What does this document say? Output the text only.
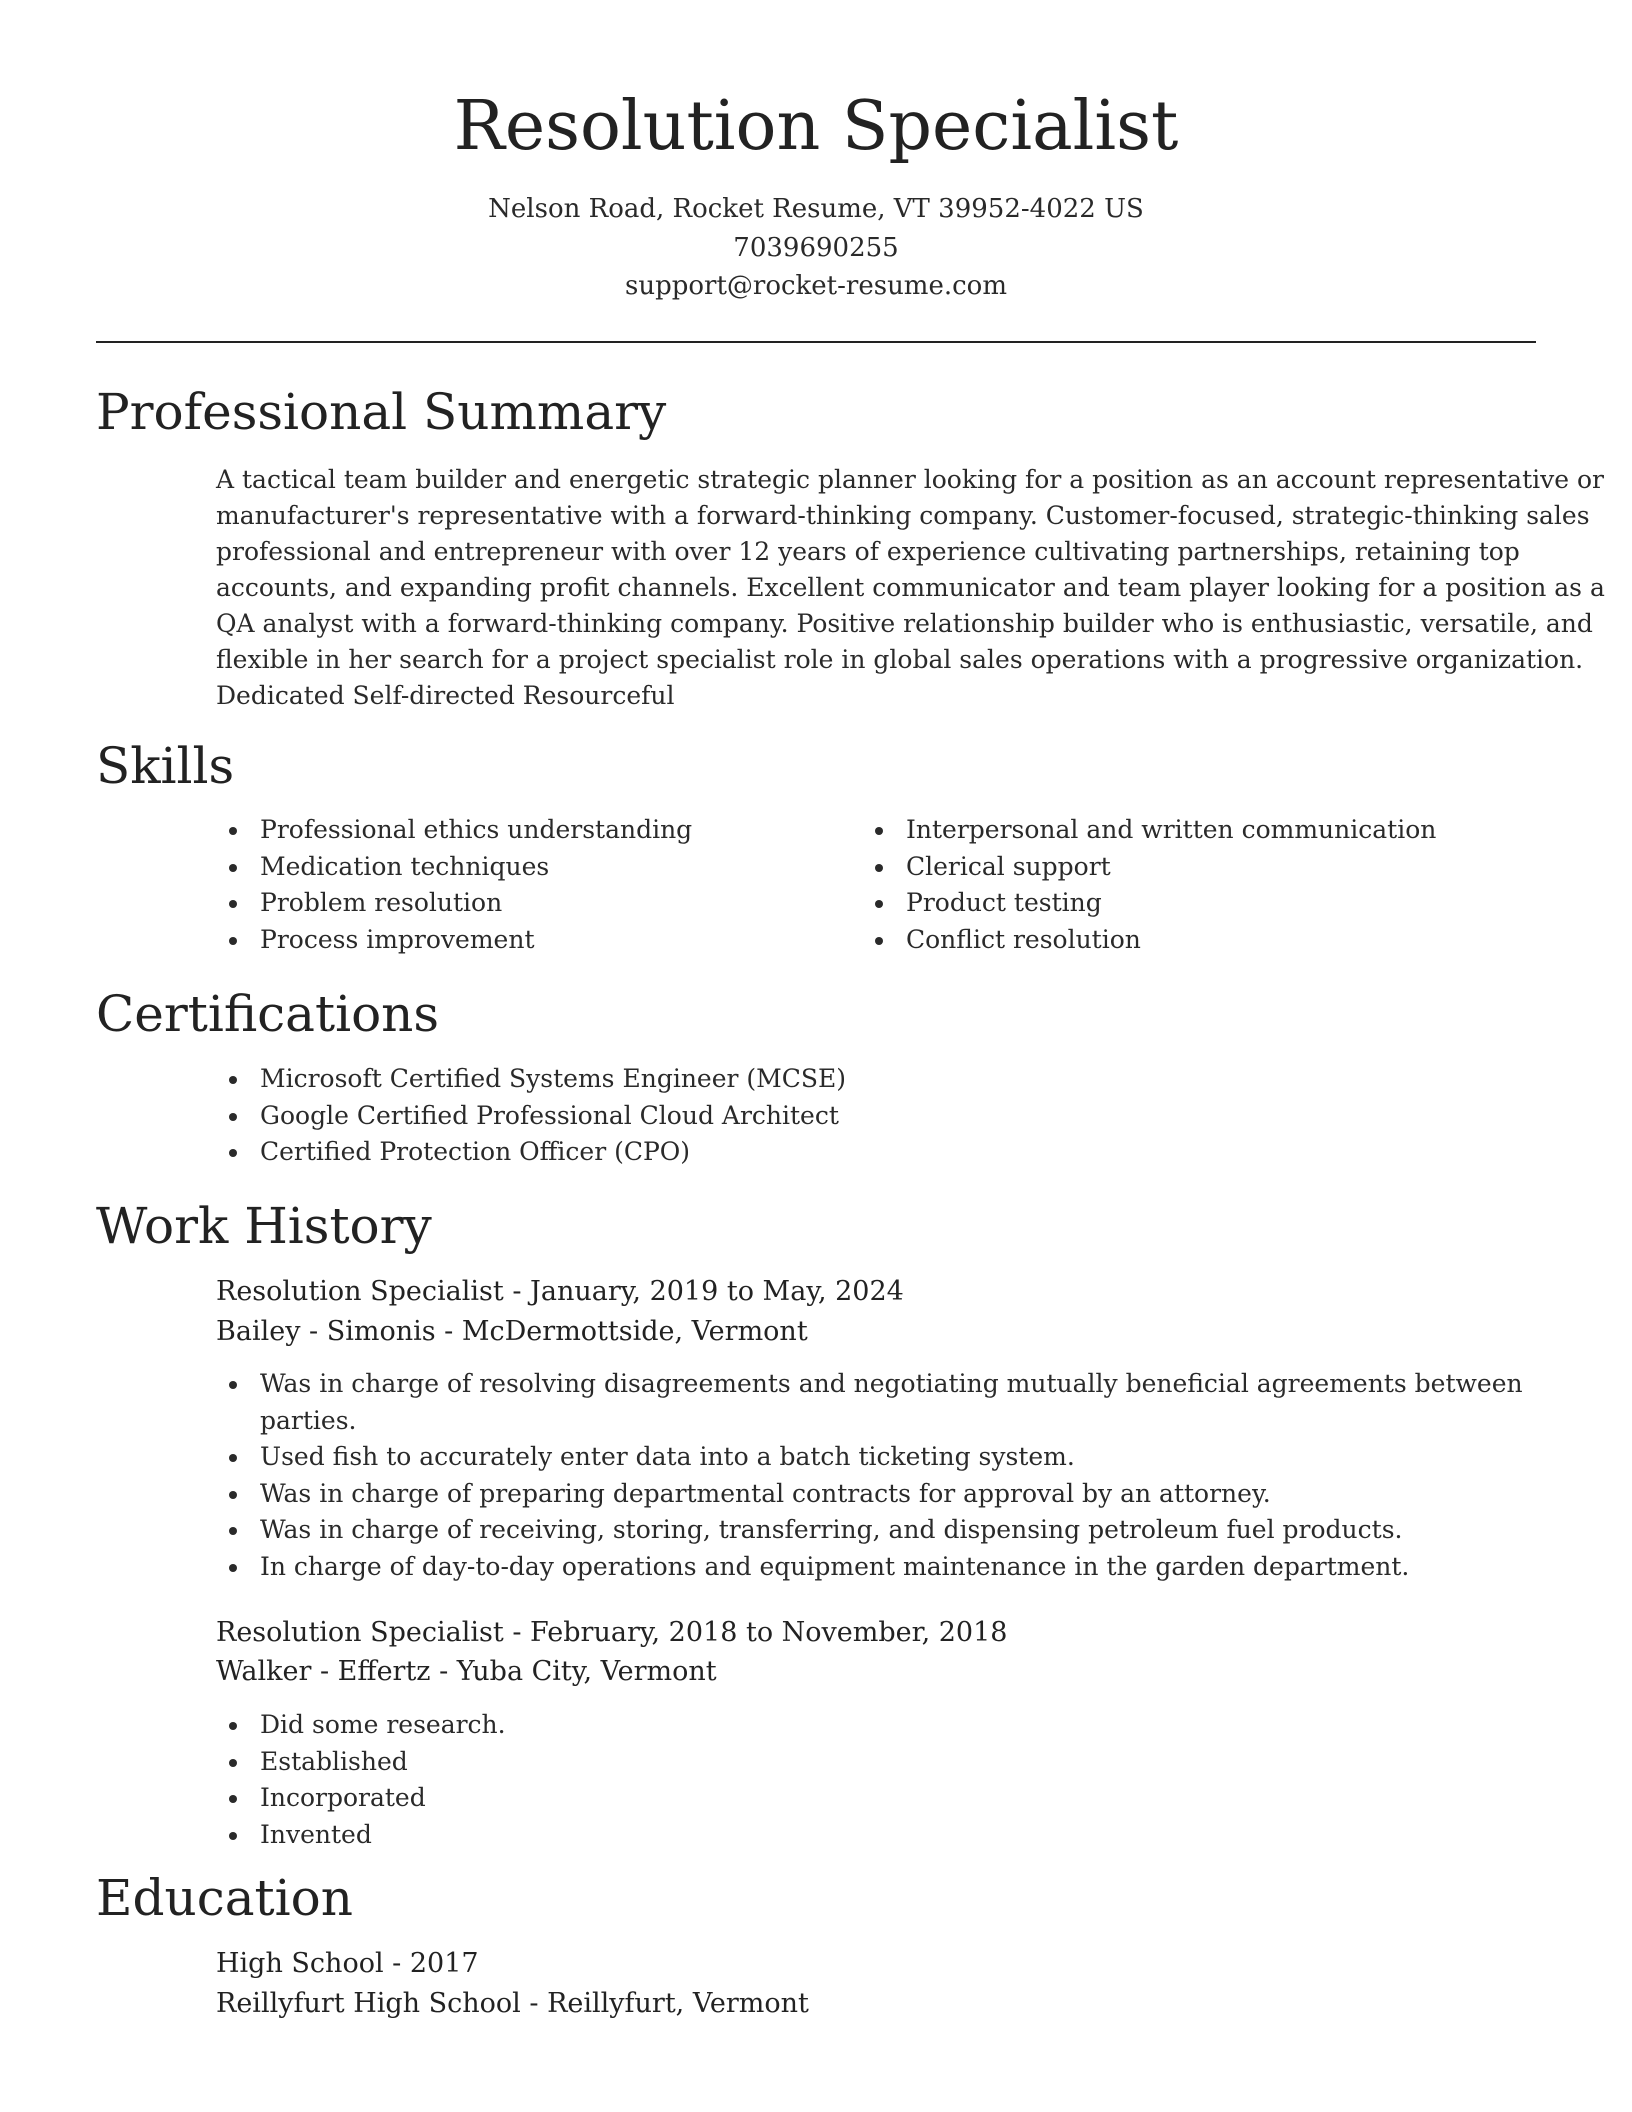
Resolution Specialist
Nelson Road, Rocket Resume, VT 39952-4022 US
7039690255
support@rocket-resume.com
Professional Summary
A tactical team builder and energetic strategic planner looking for a position as an account representative or
manufacturer's representative with a forward-thinking company. Customer-focused, strategic-thinking sales
professional and entrepreneur with over 12 years of experience cultivating partnerships, retaining top
accounts, and expanding profit channels. Excellent communicator and team player looking for a position as a
QA analyst with a forward-thinking company. Positive relationship builder who is enthusiastic, versatile, and
flexible in her search for a project specialist role in global sales operations with a progressive organization.
Dedicated Self-directed Resourceful
Skills
Professional ethics understanding
Medication techniques
Problem resolution
Process improvement
Interpersonal and written communication
Clerical support
Product testing
Conflict resolution
Certifications
Microsoft Certified Systems Engineer (MCSE)
Google Certified Professional Cloud Architect
Certified Protection Officer (CPO)
Work History
Resolution Specialist - January, 2019 to May, 2024
Bailey - Simonis - McDermottside, Vermont
Was in charge of resolving disagreements and negotiating mutually beneficial agreements between
parties.
Used fish to accurately enter data into a batch ticketing system.
Was in charge of preparing departmental contracts for approval by an attorney.
Was in charge of receiving, storing, transferring, and dispensing petroleum fuel products.
In charge of day-to-day operations and equipment maintenance in the garden department.
Resolution Specialist - February, 2018 to November, 2018
Walker - Effertz - Yuba City, Vermont
Did some research.
Established
Incorporated
Invented
Education
High School - 2017
Reillyfurt High School - Reillyfurt, Vermont
